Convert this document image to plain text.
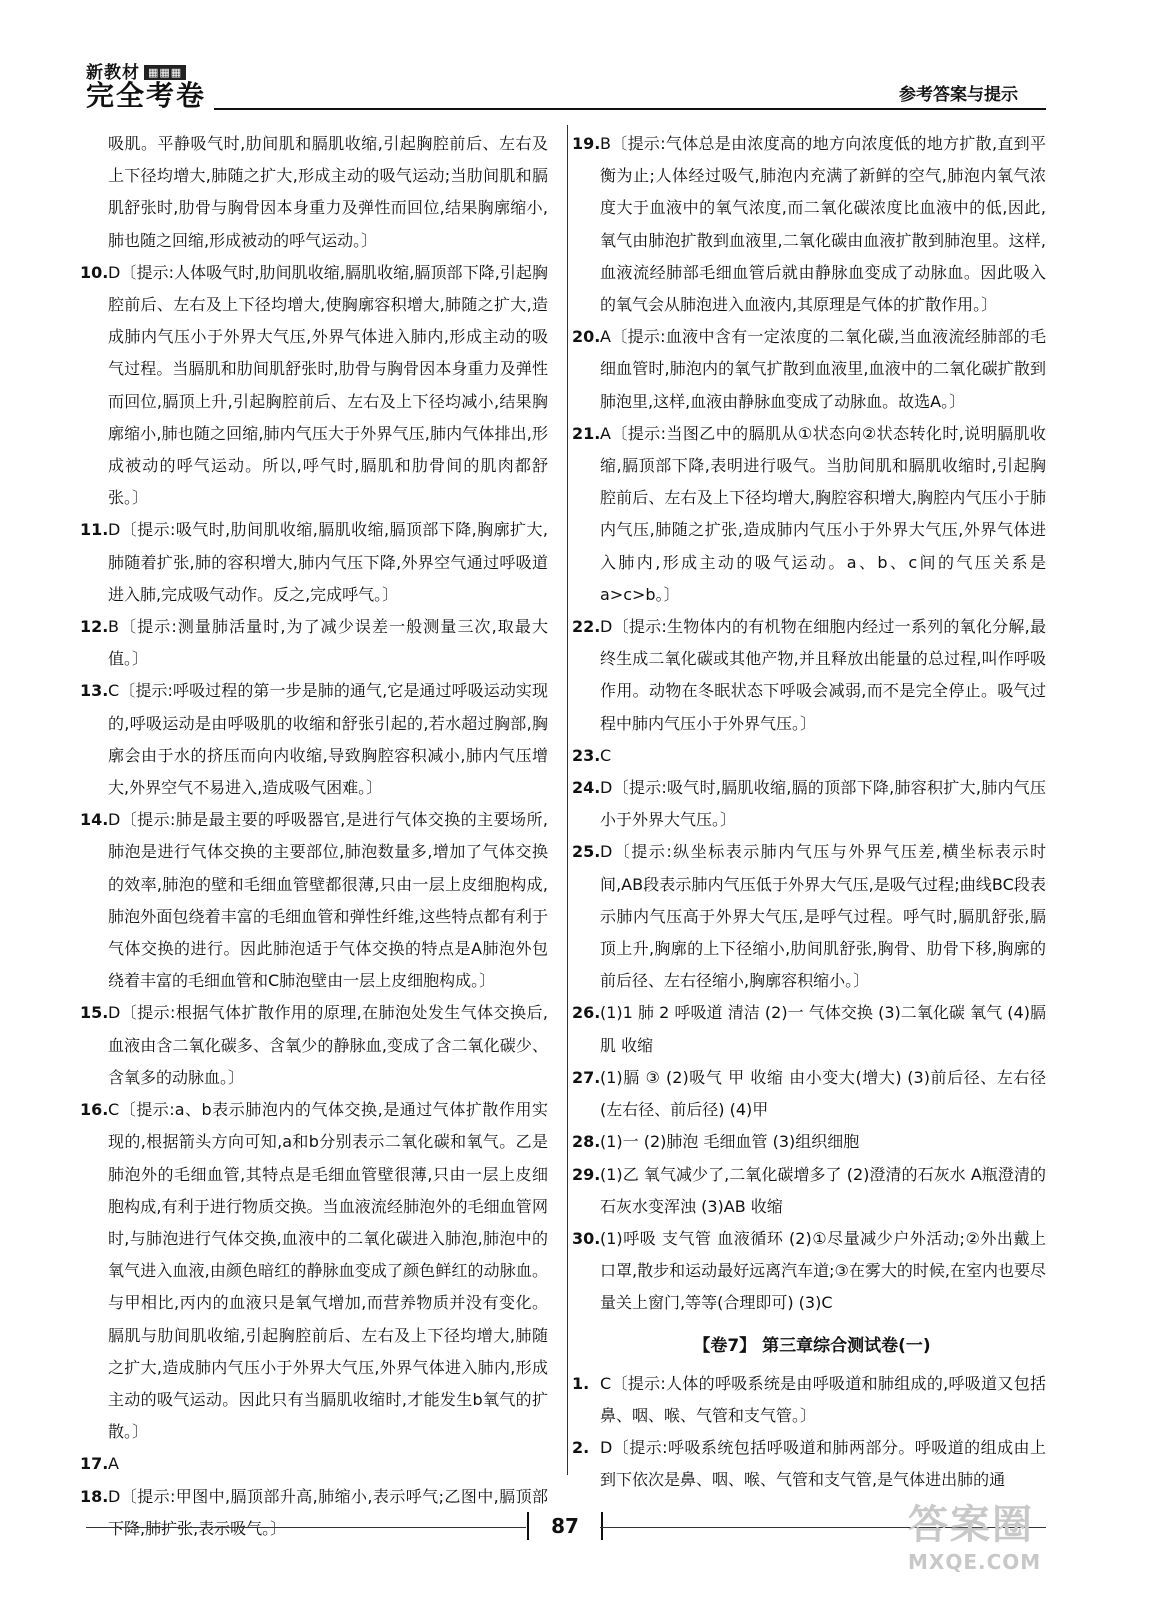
新教材 ▦▦▦
完全考卷	参考答案与提示
吸肌。平静吸气时,肋间肌和膈肌收缩,引起胸腔前后、左右及上下径均增大,肺随之扩大,形成主动的吸气运动;当肋间肌和膈肌舒张时,肋骨与胸骨因本身重力及弹性而回位,结果胸廓缩小,肺也随之回缩,形成被动的呼气运动。〕
10. D〔提示:人体吸气时,肋间肌收缩,膈肌收缩,膈顶部下降,引起胸腔前后、左右及上下径均增大,使胸廓容积增大,肺随之扩大,造成肺内气压小于外界大气压,外界气体进入肺内,形成主动的吸气过程。当膈肌和肋间肌舒张时,肋骨与胸骨因本身重力及弹性而回位,膈顶上升,引起胸腔前后、左右及上下径均减小,结果胸廓缩小,肺也随之回缩,肺内气压大于外界气压,肺内气体排出,形成被动的呼气运动。所以,呼气时,膈肌和肋骨间的肌肉都舒张。〕
11. D〔提示:吸气时,肋间肌收缩,膈肌收缩,膈顶部下降,胸廓扩大,肺随着扩张,肺的容积增大,肺内气压下降,外界空气通过呼吸道进入肺,完成吸气动作。反之,完成呼气。〕
12. B〔提示:测量肺活量时,为了减少误差一般测量三次,取最大值。〕
13. C〔提示:呼吸过程的第一步是肺的通气,它是通过呼吸运动实现的,呼吸运动是由呼吸肌的收缩和舒张引起的,若水超过胸部,胸廓会由于水的挤压而向内收缩,导致胸腔容积减小,肺内气压增大,外界空气不易进入,造成吸气困难。〕
14. D〔提示:肺是最主要的呼吸器官,是进行气体交换的主要场所,肺泡是进行气体交换的主要部位,肺泡数量多,增加了气体交换的效率,肺泡的壁和毛细血管壁都很薄,只由一层上皮细胞构成,肺泡外面包绕着丰富的毛细血管和弹性纤维,这些特点都有利于气体交换的进行。因此肺泡适于气体交换的特点是A肺泡外包绕着丰富的毛细血管和C肺泡壁由一层上皮细胞构成。〕
15. D〔提示:根据气体扩散作用的原理,在肺泡处发生气体交换后,血液由含二氧化碳多、含氧少的静脉血,变成了含二氧化碳少、含氧多的动脉血。〕
16. C〔提示:a、b表示肺泡内的气体交换,是通过气体扩散作用实现的,根据箭头方向可知,a和b分别表示二氧化碳和氧气。乙是肺泡外的毛细血管,其特点是毛细血管壁很薄,只由一层上皮细胞构成,有利于进行物质交换。当血液流经肺泡外的毛细血管网时,与肺泡进行气体交换,血液中的二氧化碳进入肺泡,肺泡中的氧气进入血液,由颜色暗红的静脉血变成了颜色鲜红的动脉血。与甲相比,丙内的血液只是氧气增加,而营养物质并没有变化。膈肌与肋间肌收缩,引起胸腔前后、左右及上下径均增大,肺随之扩大,造成肺内气压小于外界大气压,外界气体进入肺内,形成主动的吸气运动。因此只有当膈肌收缩时,才能发生b氧气的扩散。〕
17. A
18. D〔提示:甲图中,膈顶部升高,肺缩小,表示呼气;乙图中,膈顶部下降,肺扩张,表示吸气。〕
19. B〔提示:气体总是由浓度高的地方向浓度低的地方扩散,直到平衡为止;人体经过吸气,肺泡内充满了新鲜的空气,肺泡内氧气浓度大于血液中的氧气浓度,而二氧化碳浓度比血液中的低,因此,氧气由肺泡扩散到血液里,二氧化碳由血液扩散到肺泡里。这样,血液流经肺部毛细血管后就由静脉血变成了动脉血。因此吸入的氧气会从肺泡进入血液内,其原理是气体的扩散作用。〕
20. A〔提示:血液中含有一定浓度的二氧化碳,当血液流经肺部的毛细血管时,肺泡内的氧气扩散到血液里,血液中的二氧化碳扩散到肺泡里,这样,血液由静脉血变成了动脉血。故选A。〕
21. A〔提示:当图乙中的膈肌从①状态向②状态转化时,说明膈肌收缩,膈顶部下降,表明进行吸气。当肋间肌和膈肌收缩时,引起胸腔前后、左右及上下径均增大,胸腔容积增大,胸腔内气压小于肺内气压,肺随之扩张,造成肺内气压小于外界大气压,外界气体进入肺内,形成主动的吸气运动。a、b、c间的气压关系是a>c>b。〕
22. D〔提示:生物体内的有机物在细胞内经过一系列的氧化分解,最终生成二氧化碳或其他产物,并且释放出能量的总过程,叫作呼吸作用。动物在冬眠状态下呼吸会减弱,而不是完全停止。吸气过程中肺内气压小于外界气压。〕
23. C
24. D〔提示:吸气时,膈肌收缩,膈的顶部下降,肺容积扩大,肺内气压小于外界大气压。〕
25. D〔提示:纵坐标表示肺内气压与外界气压差,横坐标表示时间,AB段表示肺内气压低于外界大气压,是吸气过程;曲线BC段表示肺内气压高于外界大气压,是呼气过程。呼气时,膈肌舒张,膈顶上升,胸廓的上下径缩小,肋间肌舒张,胸骨、肋骨下移,胸廓的前后径、左右径缩小,胸廓容积缩小。〕
26. (1)1 肺 2 呼吸道 清洁 (2)一 气体交换 (3)二氧化碳 氧气 (4)膈肌 收缩
27. (1)膈 ③ (2)吸气 甲 收缩 由小变大(增大) (3)前后径、左右径(左右径、前后径) (4)甲
28. (1)一 (2)肺泡 毛细血管 (3)组织细胞
29. (1)乙 氧气减少了,二氧化碳增多了 (2)澄清的石灰水 A瓶澄清的石灰水变浑浊 (3)AB 收缩
30. (1)呼吸 支气管 血液循环 (2)①尽量减少户外活动;②外出戴上口罩,散步和运动最好远离汽车道;③在雾大的时候,在室内也要尽量关上窗门,等等(合理即可) (3)C
【卷7】 第三章综合测试卷(一)
1. C〔提示:人体的呼吸系统是由呼吸道和肺组成的,呼吸道又包括鼻、咽、喉、气管和支气管。〕
2. D〔提示:呼吸系统包括呼吸道和肺两部分。呼吸道的组成由上到下依次是鼻、咽、喉、气管和支气管,是气体进出肺的通
87	答案圈
MXQE.COM
